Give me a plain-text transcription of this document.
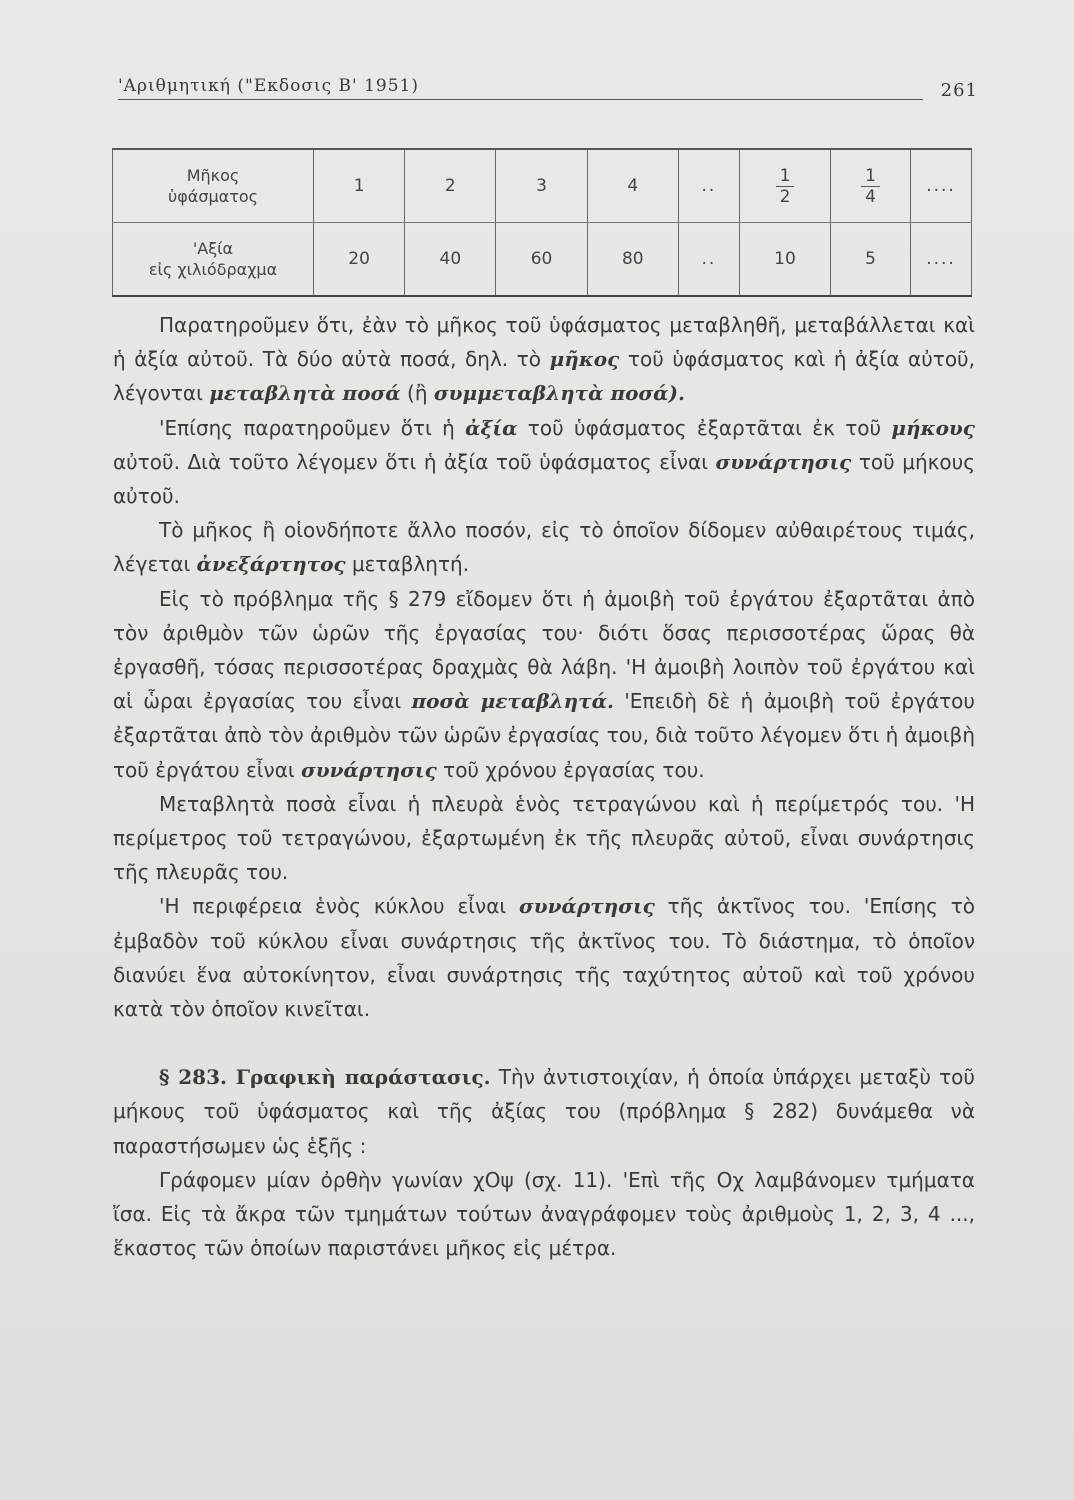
'Αριθμητική ("Εκδοσις Β' 1951)	261
Μῆκος
ὑφάσματος	1	2	3	4	..	$\frac{1}{2}$	$\frac{1}{4}$	....
'Αξία
εἰς χιλιόδραχμα	20	40	60	80	..	10	5	....

Παρατηροῦμεν ὅτι, ἐὰν τὸ μῆκος τοῦ ὑφάσματος μεταβληθῆ, μεταβάλλεται καὶ ἡ ἀξία αὐτοῦ. Τὰ δύο αὐτὰ ποσά, δηλ. τὸ μῆκος τοῦ ὑφάσματος καὶ ἡ ἀξία αὐτοῦ, λέγονται μεταβλητὰ ποσά (ἢ συμμεταβλητὰ ποσά).

'Επίσης παρατηροῦμεν ὅτι ἡ ἀξία τοῦ ὑφάσματος ἐξαρτᾶται ἐκ τοῦ μήκους αὐτοῦ. Διὰ τοῦτο λέγομεν ὅτι ἡ ἀξία τοῦ ὑφάσματος εἶναι συνάρτησις τοῦ μήκους αὐτοῦ.

Τὸ μῆκος ἢ οἱονδήποτε ἄλλο ποσόν, εἰς τὸ ὁποῖον δίδομεν αὐθαιρέτους τιμάς, λέγεται ἀνεξάρτητος μεταβλητή.

Εἰς τὸ πρόβλημα τῆς § 279 εἴδομεν ὅτι ἡ ἀμοιβὴ τοῦ ἐργάτου ἐξαρτᾶται ἀπὸ τὸν ἀριθμὸν τῶν ὡρῶν τῆς ἐργασίας του· διότι ὅσας περισσοτέρας ὥρας θὰ ἐργασθῆ, τόσας περισσοτέρας δραχμὰς θὰ λάβη. 'Η ἀμοιβὴ λοιπὸν τοῦ ἐργάτου καὶ αἱ ὧραι ἐργασίας του εἶναι ποσὰ μεταβλητά. 'Επειδὴ δὲ ἡ ἀμοιβὴ τοῦ ἐργάτου ἐξαρτᾶται ἀπὸ τὸν ἀριθμὸν τῶν ὡρῶν ἐργασίας του, διὰ τοῦτο λέγομεν ὅτι ἡ ἀμοιβὴ τοῦ ἐργάτου εἶναι συνάρτησις τοῦ χρόνου ἐργασίας του.

Μεταβλητὰ ποσὰ εἶναι ἡ πλευρὰ ἑνὸς τετραγώνου καὶ ἡ περίμετρός του. 'Η περίμετρος τοῦ τετραγώνου, ἐξαρτωμένη ἐκ τῆς πλευρᾶς αὐτοῦ, εἶναι συνάρτησις τῆς πλευρᾶς του.

'Η περιφέρεια ἑνὸς κύκλου εἶναι συνάρτησις τῆς ἀκτῖνος του. 'Επίσης τὸ ἐμβαδὸν τοῦ κύκλου εἶναι συνάρτησις τῆς ἀκτῖνος του. Τὸ διάστημα, τὸ ὁποῖον διανύει ἕνα αὐτοκίνητον, εἶναι συνάρτησις τῆς ταχύτητος αὐτοῦ καὶ τοῦ χρόνου κατὰ τὸν ὁποῖον κινεῖται.

§ 283. Γραφικὴ παράστασις. Τὴν ἀντιστοιχίαν, ἡ ὁποία ὑπάρχει μεταξὺ τοῦ μήκους τοῦ ὑφάσματος καὶ τῆς ἀξίας του (πρόβλημα § 282) δυνάμεθα νὰ παραστήσωμεν ὡς ἑξῆς :

Γράφομεν μίαν ὀρθὴν γωνίαν χΟψ (σχ. 11). 'Επὶ τῆς Οχ λαμβάνομεν τμήματα ἴσα. Εἰς τὰ ἄκρα τῶν τμημάτων τούτων ἀναγράφομεν τοὺς ἀριθμοὺς 1, 2, 3, 4 ..., ἕκαστος τῶν ὁποίων παριστάνει μῆκος εἰς μέτρα.
